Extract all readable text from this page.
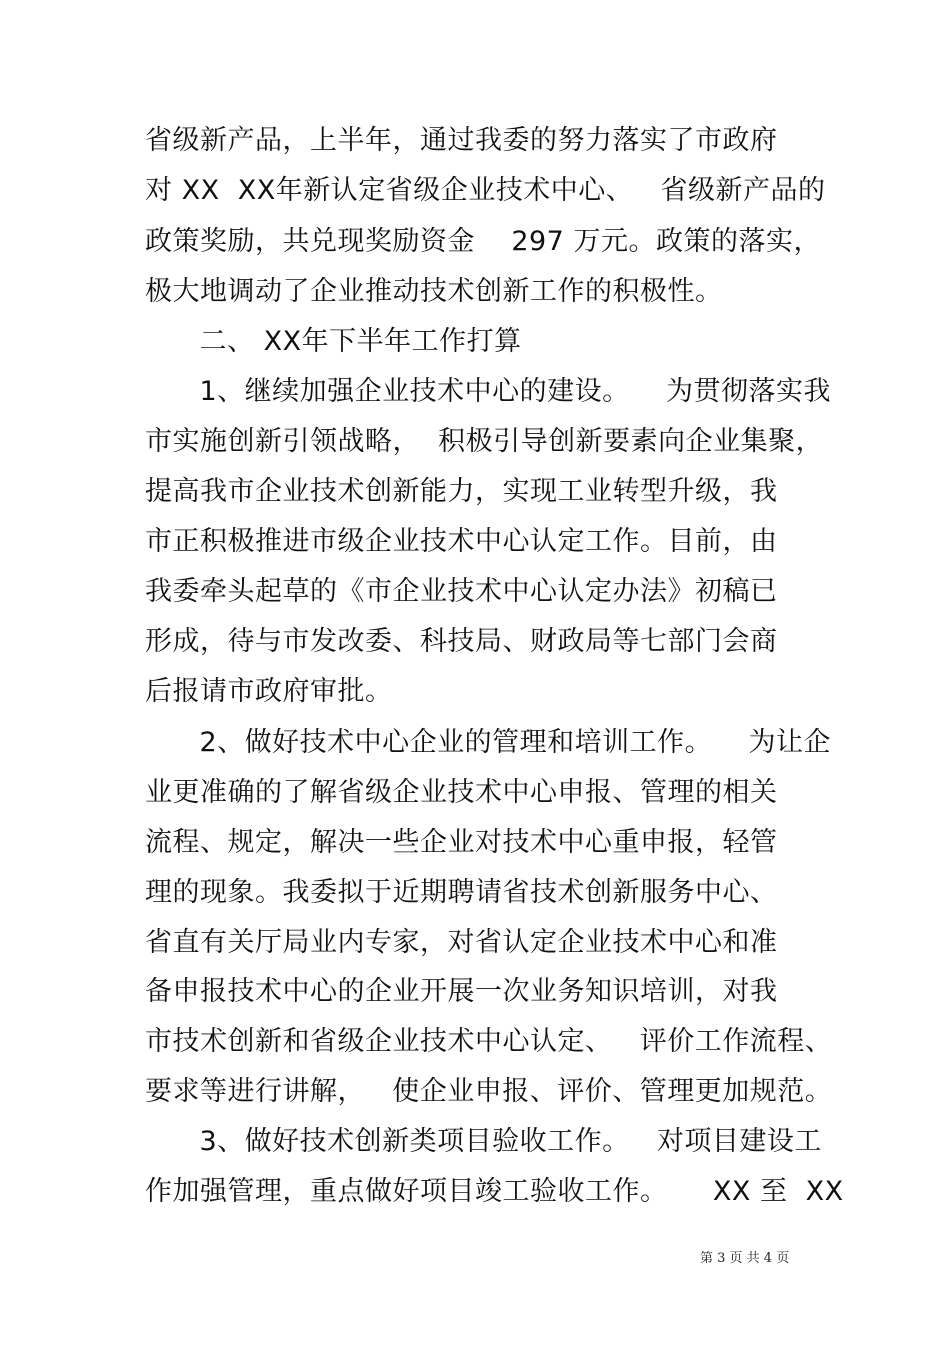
省级新产品，上半年，通过我委的努力落实了市政府
对 XX  XX年新认定省级企业技术中心、   省级新产品的
政策奖励，共兑现奖励资金    297 万元。政策的落实，
极大地调动了企业推动技术创新工作的积极性。
二、 XX年下半年工作打算
1、继续加强企业技术中心的建设。    为贯彻落实我
市实施创新引领战略，  积极引导创新要素向企业集聚，
提高我市企业技术创新能力，实现工业转型升级，我
市正积极推进市级企业技术中心认定工作。目前，由
我委牵头起草的《市企业技术中心认定办法》初稿已
形成，待与市发改委、科技局、财政局等七部门会商
后报请市政府审批。
2、做好技术中心企业的管理和培训工作。    为让企
业更准确的了解省级企业技术中心申报、管理的相关
流程、规定，解决一些企业对技术中心重申报，轻管
理的现象。我委拟于近期聘请省技术创新服务中心、
省直有关厅局业内专家，对省认定企业技术中心和准
备申报技术中心的企业开展一次业务知识培训，对我
市技术创新和省级企业技术中心认定、   评价工作流程、
要求等进行讲解，   使企业申报、评价、管理更加规范。
3、做好技术创新类项目验收工作。   对项目建设工
作加强管理，重点做好项目竣工验收工作。     XX 至  XX
第 3 页 共 4 页
